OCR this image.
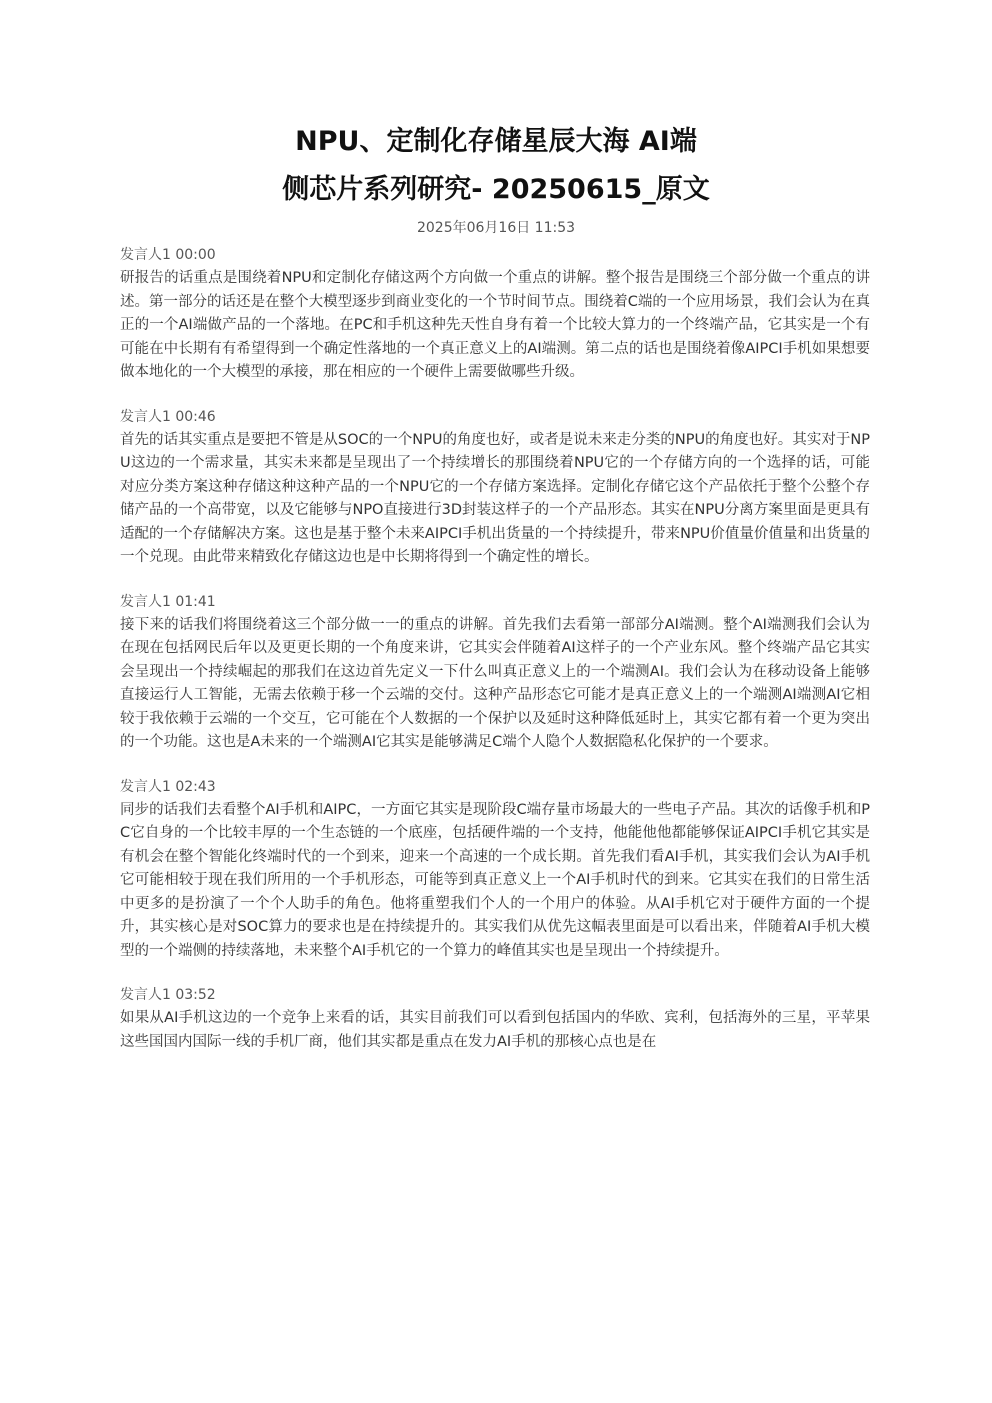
NPU、定制化存储星辰大海 AI端
侧芯片系列研究- 20250615_原文
2025年06月16日 11:53

发言人1 00:00

研报告的话重点是围绕着NPU和定制化存储这两个方向做一个重点的讲解。整个报告是围绕三个部分做一个重点的讲述。第一部分的话还是在整个大模型逐步到商业变化的一个节时间节点。围绕着C端的一个应用场景，我们会认为在真正的一个AI端做产品的一个落地。在PC和手机这种先天性自身有着一个比较大算力的一个终端产品，它其实是一个有可能在中长期有有希望得到一个确定性落地的一个真正意义上的AI端测。第二点的话也是围绕着像AIPCI手机如果想要做本地化的一个大模型的承接，那在相应的一个硬件上需要做哪些升级。

发言人1 00:46

首先的话其实重点是要把不管是从SOC的一个NPU的角度也好，或者是说未来走分类的NPU的角度也好。其实对于NPU这边的一个需求量，其实未来都是呈现出了一个持续增长的那围绕着NPU它的一个存储方向的一个选择的话，可能对应分类方案这种存储这种这种产品的一个NPU它的一个存储方案选择。定制化存储它这个产品依托于整个公整个存储产品的一个高带宽，以及它能够与NPO直接进行3D封装这样子的一个产品形态。其实在NPU分离方案里面是更具有适配的一个存储解决方案。这也是基于整个未来AIPCI手机出货量的一个持续提升，带来NPU价值量价值量和出货量的一个兑现。由此带来精致化存储这边也是中长期将得到一个确定性的增长。

发言人1 01:41

接下来的话我们将围绕着这三个部分做一一的重点的讲解。首先我们去看第一部部分AI端测。整个AI端测我们会认为在现在包括网民后年以及更更长期的一个角度来讲，它其实会伴随着AI这样子的一个产业东风。整个终端产品它其实会呈现出一个持续崛起的那我们在这边首先定义一下什么叫真正意义上的一个端测AI。我们会认为在移动设备上能够直接运行人工智能，无需去依赖于移一个云端的交付。这种产品形态它可能才是真正意义上的一个端测AI端测AI它相较于我依赖于云端的一个交互，它可能在个人数据的一个保护以及延时这种降低延时上，其实它都有着一个更为突出的一个功能。这也是A未来的一个端测AI它其实是能够满足C端个人隐个人数据隐私化保护的一个要求。

发言人1 02:43

同步的话我们去看整个AI手机和AIPC，一方面它其实是现阶段C端存量市场最大的一些电子产品。其次的话像手机和PC它自身的一个比较丰厚的一个生态链的一个底座，包括硬件端的一个支持，他能他他都能够保证AIPCI手机它其实是有机会在整个智能化终端时代的一个到来，迎来一个高速的一个成长期。首先我们看AI手机，其实我们会认为AI手机它可能相较于现在我们所用的一个手机形态，可能等到真正意义上一个AI手机时代的到来。它其实在我们的日常生活中更多的是扮演了一个个人助手的角色。他将重塑我们个人的一个用户的体验。从AI手机它对于硬件方面的一个提升，其实核心是对SOC算力的要求也是在持续提升的。其实我们从优先这幅表里面是可以看出来，伴随着AI手机大模型的一个端侧的持续落地，未来整个AI手机它的一个算力的峰值其实也是呈现出一个持续提升。

发言人1 03:52

如果从AI手机这边的一个竞争上来看的话，其实目前我们可以看到包括国内的华欧、宾利，包括海外的三星，平苹果这些国国内国际一线的手机厂商，他们其实都是重点在发力AI手机的那核心点也是在
